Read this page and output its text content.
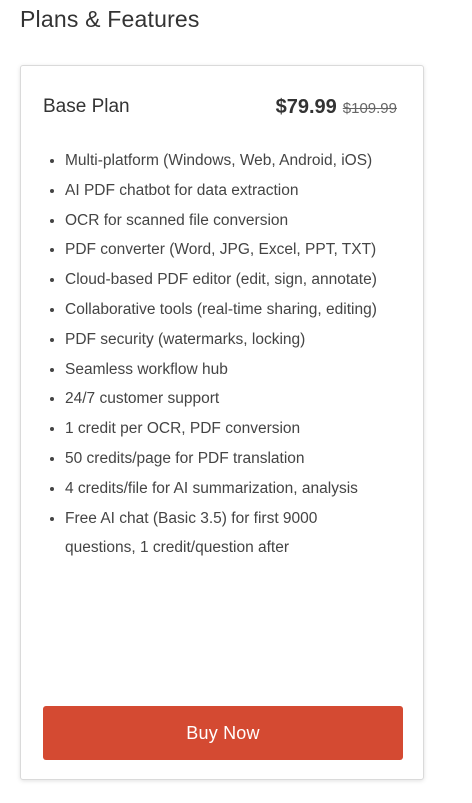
Plans & Features
Base Plan	$79.99 $109.99
• Multi-platform (Windows, Web, Android, iOS)
• AI PDF chatbot for data extraction
• OCR for scanned file conversion
• PDF converter (Word, JPG, Excel, PPT, TXT)
• Cloud-based PDF editor (edit, sign, annotate)
• Collaborative tools (real-time sharing, editing)
• PDF security (watermarks, locking)
• Seamless workflow hub
• 24/7 customer support
• 1 credit per OCR, PDF conversion
• 50 credits/page for PDF translation
• 4 credits/file for AI summarization, analysis
• Free AI chat (Basic 3.5) for first 9000 questions, 1 credit/question after
Buy Now
